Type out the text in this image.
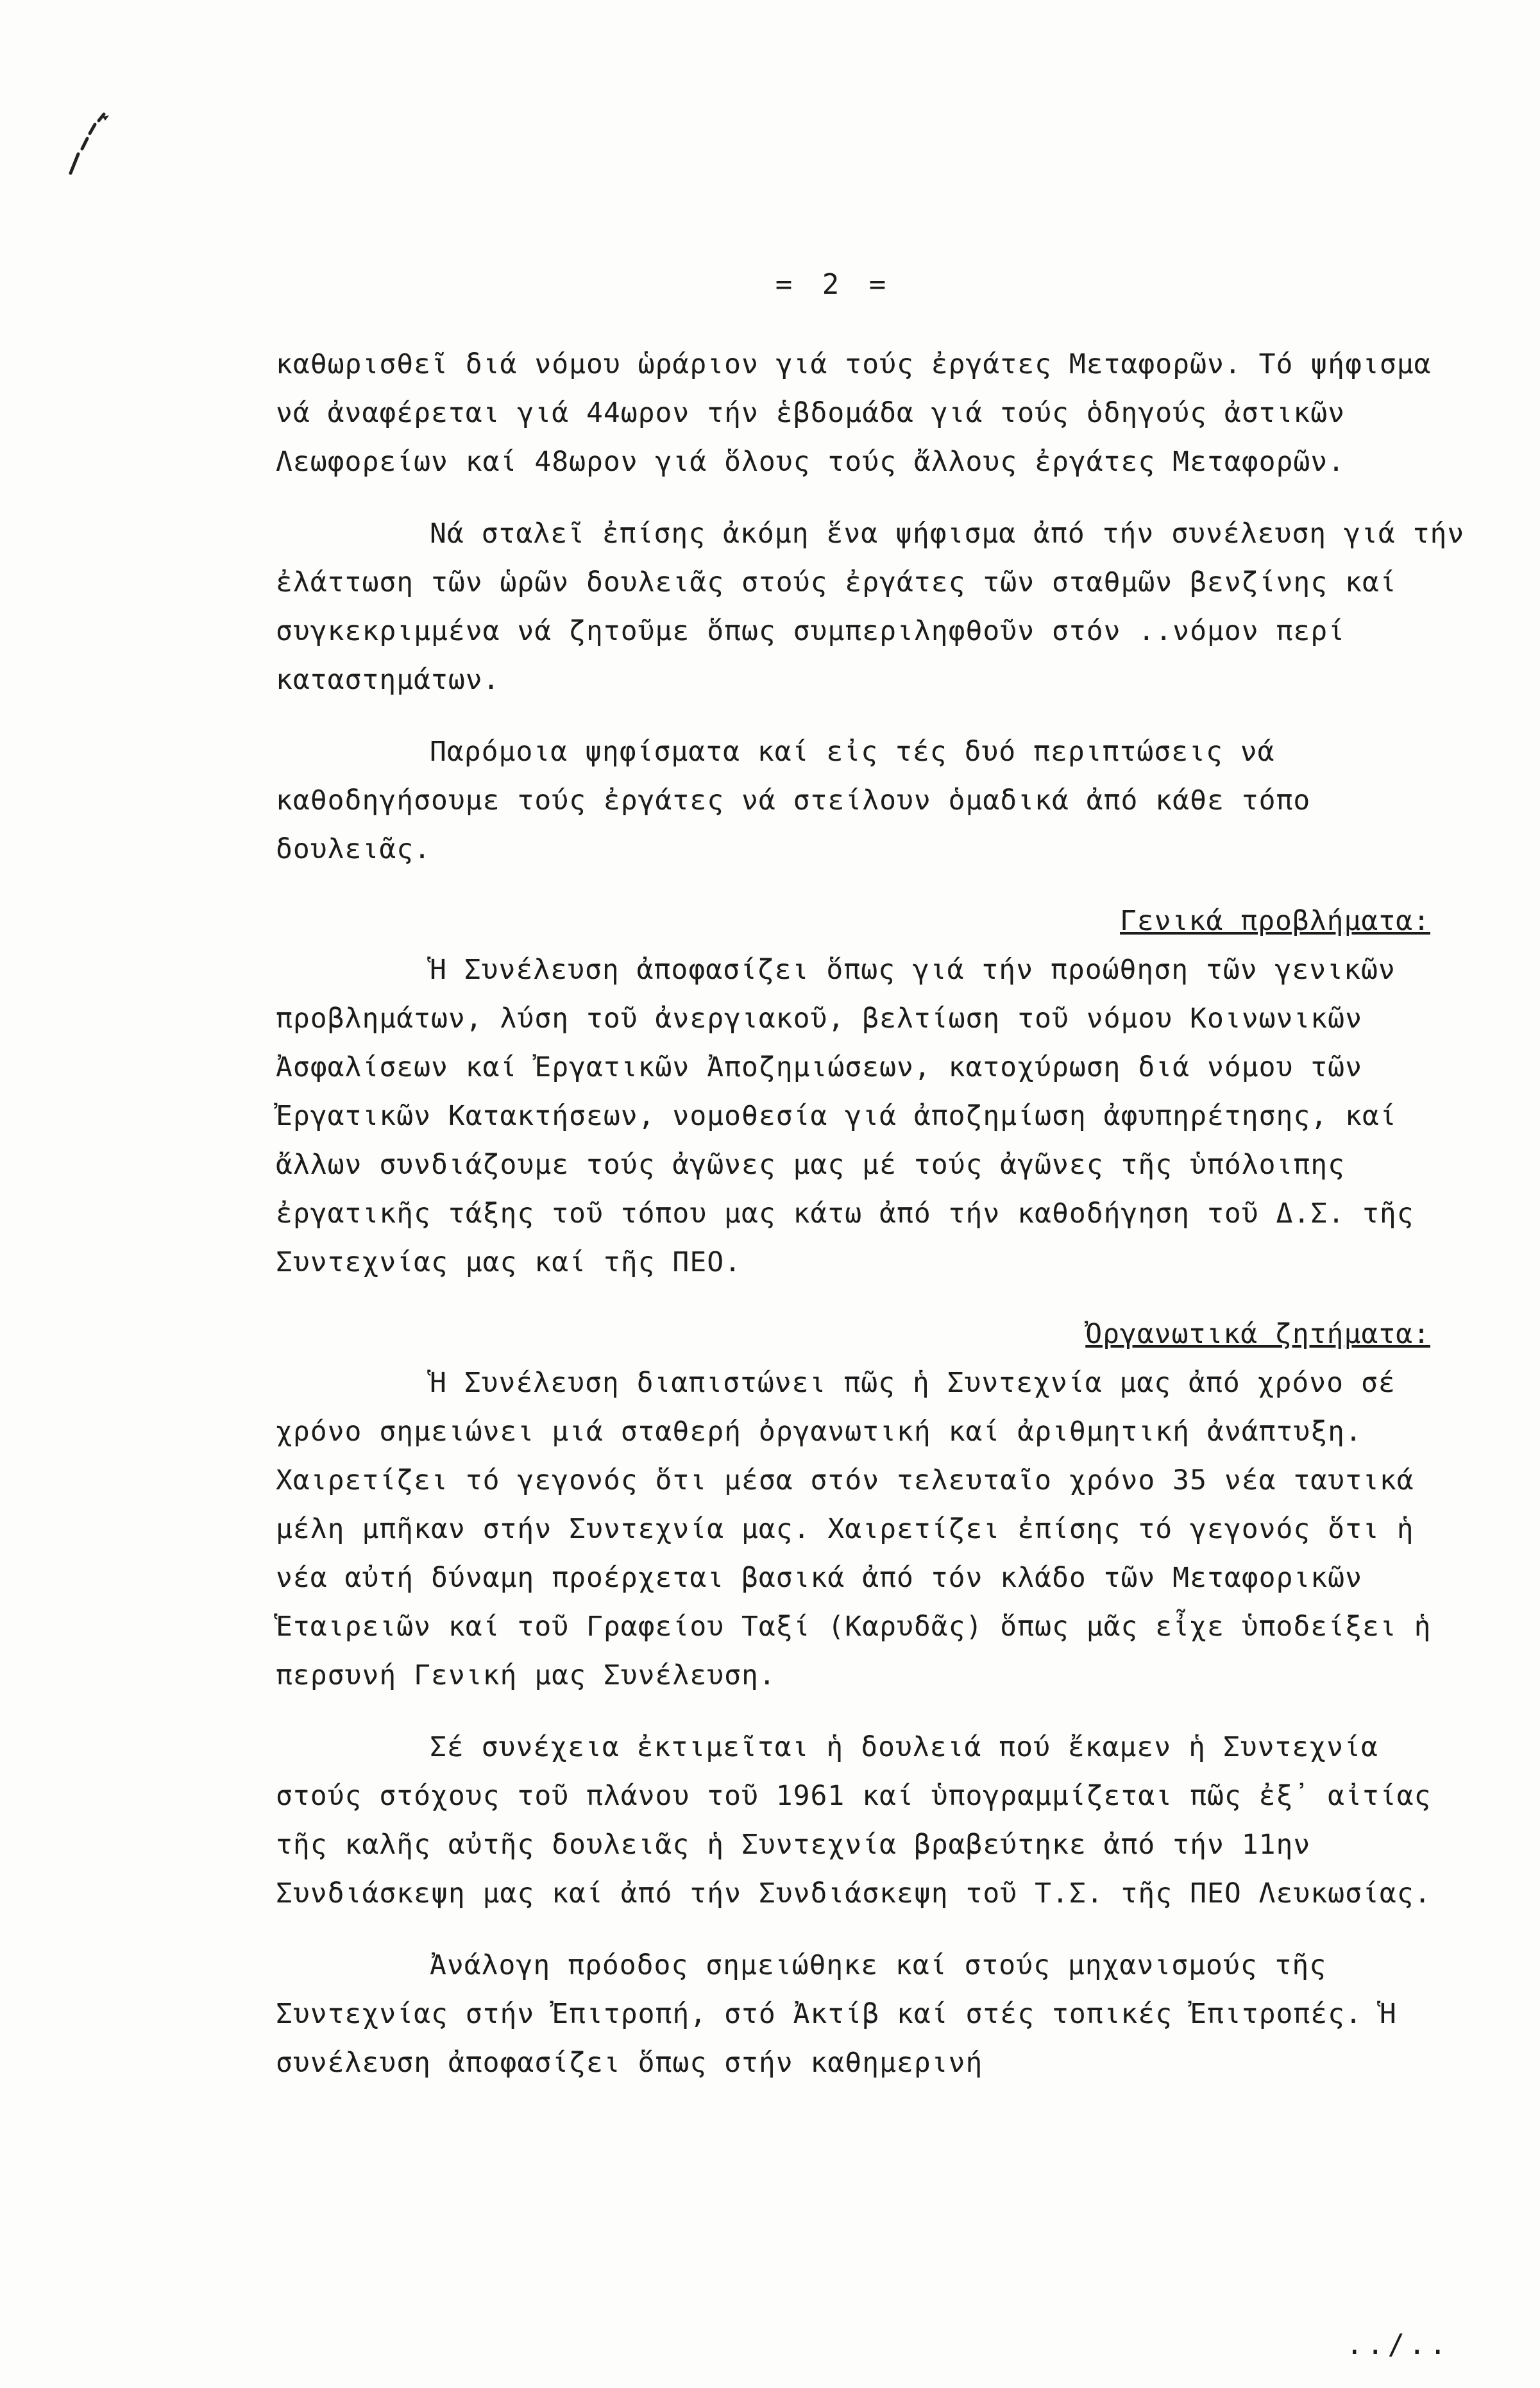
= 2 =

καθωρισθεῖ διά νόμου ὡράριον γιά τούς ἐργάτες Μεταφορῶν. Τό ψήφισμα νά ἀναφέρεται γιά 44ωρον τήν ἑβδομάδα γιά τούς ὁδηγούς ἀστικῶν Λεωφορείων καί 48ωρον γιά ὅλους τούς ἄλλους ἐργάτες Μεταφορῶν.

Νά σταλεῖ ἐπίσης ἀκόμη ἕνα ψήφισμα ἀπό τήν συνέλευση γιά τήν ἐλάττωση τῶν ὡρῶν δουλειᾶς στούς ἐργάτες τῶν σταθμῶν βενζίνης καί συγκεκριμμένα νά ζητοῦμε ὅπως συμπεριληφθοῦν στόν ..νόμον περί καταστημάτων.

Παρόμοια ψηφίσματα καί εἰς τές δυό περιπτώσεις νά καθοδηγήσουμε τούς ἐργάτες νά στείλουν ὁμαδικά ἀπό κάθε τόπο δουλειᾶς.

Γενικά προβλήματα:

Ἡ Συνέλευση ἀποφασίζει ὅπως γιά τήν προώθηση τῶν γενικῶν προβλημάτων, λύση τοῦ ἀνεργιακοῦ, βελτίωση τοῦ νόμου Κοινωνικῶν Ἀσφαλίσεων καί Ἐργατικῶν Ἀποζημιώσεων, κατοχύρωση διά νόμου τῶν Ἐργατικῶν Κατακτήσεων, νομοθεσία γιά ἀποζημίωση ἀφυπηρέτησης, καί ἄλλων συνδιάζουμε τούς ἀγῶνες μας μέ τούς ἀγῶνες τῆς ὑπόλοιπης ἐργατικῆς τάξης τοῦ τόπου μας κάτω ἀπό τήν καθοδήγηση τοῦ Δ.Σ. τῆς Συντεχνίας μας καί τῆς ΠΕΟ.

Ὀργανωτικά ζητήματα:

Ἡ Συνέλευση διαπιστώνει πῶς ἡ Συντεχνία μας ἀπό χρόνο σέ χρόνο σημειώνει μιά σταθερή ὀργανωτική καί ἀριθμητική ἀνάπτυξη. Χαιρετίζει τό γεγονός ὅτι μέσα στόν τελευταῖο χρόνο 35 νέα ταυτικά μέλη μπῆκαν στήν Συντεχνία μας. Χαιρετίζει ἐπίσης τό γεγονός ὅτι ἡ νέα αὐτή δύναμη προέρχεται βασικά ἀπό τόν κλάδο τῶν Μεταφορικῶν Ἑταιρειῶν καί τοῦ Γραφείου Ταξί (Καρυδᾶς) ὅπως μᾶς εἶχε ὑποδείξει ἡ περσυνή Γενική μας Συνέλευση.

Σέ συνέχεια ἐκτιμεῖται ἡ δουλειά πού ἔκαμεν ἡ Συντεχνία στούς στόχους τοῦ πλάνου τοῦ 1961 καί ὑπογραμμίζεται πῶς ἐξ᾽ αἰτίας τῆς καλῆς αὐτῆς δουλειᾶς ἡ Συντεχνία βραβεύτηκε ἀπό τήν 11ην Συνδιάσκεψη μας καί ἀπό τήν Συνδιάσκεψη τοῦ Τ.Σ. τῆς ΠΕΟ Λευκωσίας.

Ἀνάλογη πρόοδος σημειώθηκε καί στούς μηχανισμούς τῆς Συντεχνίας στήν Ἐπιτροπή, στό Ἀκτίβ καί στές τοπικές Ἐπιτροπές. Ἡ συνέλευση ἀποφασίζει ὅπως στήν καθημερινή

../..
